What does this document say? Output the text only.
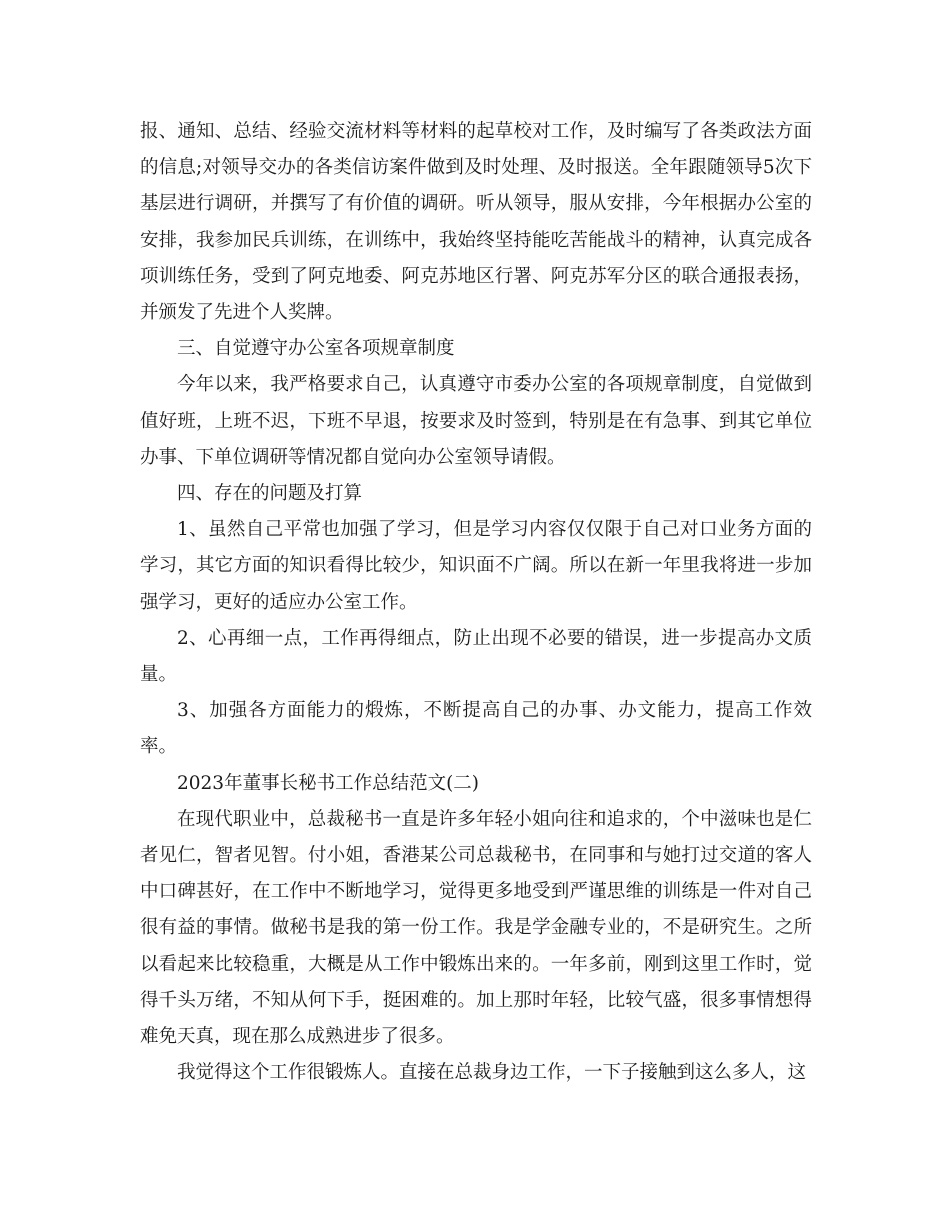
报、通知、总结、经验交流材料等材料的起草校对工作，及时编写了各类政法方面的信息;对领导交办的各类信访案件做到及时处理、及时报送。全年跟随领导5次下基层进行调研，并撰写了有价值的调研。听从领导，服从安排，今年根据办公室的安排，我参加民兵训练，在训练中，我始终坚持能吃苦能战斗的精神，认真完成各项训练任务，受到了阿克地委、阿克苏地区行署、阿克苏军分区的联合通报表扬，并颁发了先进个人奖牌。

三、自觉遵守办公室各项规章制度

今年以来，我严格要求自己，认真遵守市委办公室的各项规章制度，自觉做到值好班，上班不迟，下班不早退，按要求及时签到，特别是在有急事、到其它单位办事、下单位调研等情况都自觉向办公室领导请假。

四、存在的问题及打算

1、虽然自己平常也加强了学习，但是学习内容仅仅限于自己对口业务方面的学习，其它方面的知识看得比较少，知识面不广阔。所以在新一年里我将进一步加强学习，更好的适应办公室工作。

2、心再细一点，工作再得细点，防止出现不必要的错误，进一步提高办文质量。

3、加强各方面能力的煅炼，不断提高自己的办事、办文能力，提高工作效率。

2023年董事长秘书工作总结范文(二)

在现代职业中，总裁秘书一直是许多年轻小姐向往和追求的，个中滋味也是仁者见仁，智者见智。付小姐，香港某公司总裁秘书，在同事和与她打过交道的客人中口碑甚好，在工作中不断地学习，觉得更多地受到严谨思维的训练是一件对自己很有益的事情。做秘书是我的第一份工作。我是学金融专业的，不是研究生。之所以看起来比较稳重，大概是从工作中锻炼出来的。一年多前，刚到这里工作时，觉得千头万绪，不知从何下手，挺困难的。加上那时年轻，比较气盛，很多事情想得难免天真，现在那么成熟进步了很多。

我觉得这个工作很锻炼人。直接在总裁身边工作，一下子接触到这么多人，这
